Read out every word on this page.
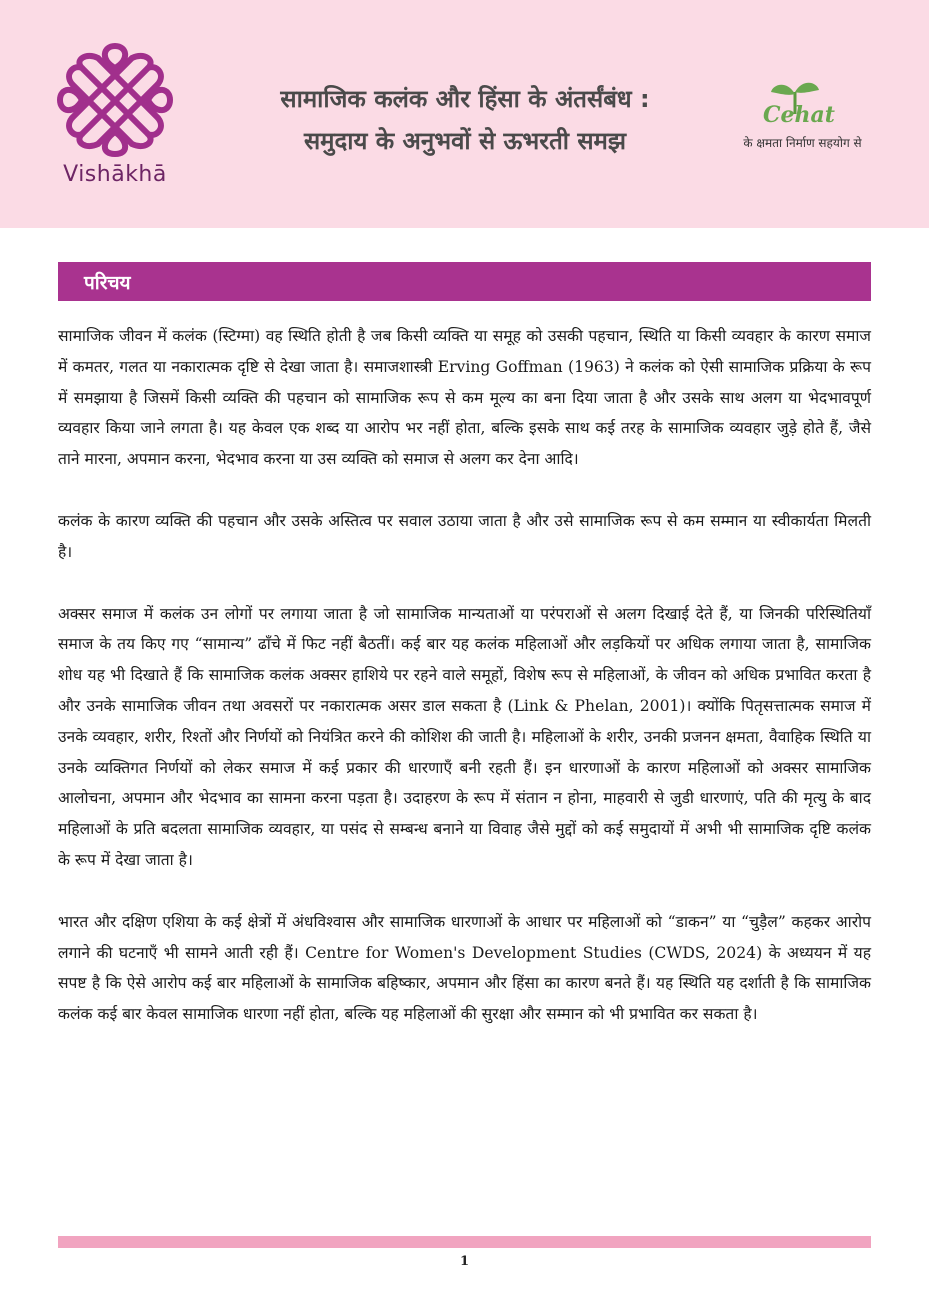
Vishākhā
सामाजिक कलंक और हिंसा के अंतर्संबंध :
समुदाय के अनुभवों से ऊभरती समझ
Cehat
के क्षमता निर्माण सहयोग से
परिचय

सामाजिक जीवन में कलंक (स्टिग्मा) वह स्थिति होती है जब किसी व्यक्ति या समूह को उसकी पहचान, स्थिति या किसी व्यवहार के कारण समाज में कमतर, गलत या नकारात्मक दृष्टि से देखा जाता है। समाजशास्त्री Erving Goffman (1963) ने कलंक को ऐसी सामाजिक प्रक्रिया के रूप में समझाया है जिसमें किसी व्यक्ति की पहचान को सामाजिक रूप से कम मूल्य का बना दिया जाता है और उसके साथ अलग या भेदभावपूर्ण व्यवहार किया जाने लगता है। यह केवल एक शब्द या आरोप भर नहीं होता, बल्कि इसके साथ कई तरह के सामाजिक व्यवहार जुड़े होते हैं, जैसे ताने मारना, अपमान करना, भेदभाव करना या उस व्यक्ति को समाज से अलग कर देना आदि।

कलंक के कारण व्यक्ति की पहचान और उसके अस्तित्व पर सवाल उठाया जाता है और उसे सामाजिक रूप से कम सम्मान या स्वीकार्यता मिलती है।

अक्सर समाज में कलंक उन लोगों पर लगाया जाता है जो सामाजिक मान्यताओं या परंपराओं से अलग दिखाई देते हैं, या जिनकी परिस्थितियाँ समाज के तय किए गए “सामान्य” ढाँचे में फिट नहीं बैठतीं। कई बार यह कलंक महिलाओं और लड़कियों पर अधिक लगाया जाता है, सामाजिक शोध यह भी दिखाते हैं कि सामाजिक कलंक अक्सर हाशिये पर रहने वाले समूहों, विशेष रूप से महिलाओं, के जीवन को अधिक प्रभावित करता है और उनके सामाजिक जीवन तथा अवसरों पर नकारात्मक असर डाल सकता है (Link & Phelan, 2001)। क्योंकि पितृसत्तात्मक समाज में उनके व्यवहार, शरीर, रिश्तों और निर्णयों को नियंत्रित करने की कोशिश की जाती है। महिलाओं के शरीर, उनकी प्रजनन क्षमता, वैवाहिक स्थिति या उनके व्यक्तिगत निर्णयों को लेकर समाज में कई प्रकार की धारणाएँ बनी रहती हैं। इन धारणाओं के कारण महिलाओं को अक्सर सामाजिक आलोचना, अपमान और भेदभाव का सामना करना पड़ता है। उदाहरण के रूप में संतान न होना, माहवारी से जुडी धारणाएं, पति की मृत्यु के बाद महिलाओं के प्रति बदलता सामाजिक व्यवहार, या पसंद से सम्बन्ध बनाने या विवाह जैसे मुद्दों को कई समुदायों में अभी भी सामाजिक दृष्टि कलंक के रूप में देखा जाता है।

भारत और दक्षिण एशिया के कई क्षेत्रों में अंधविश्वास और सामाजिक धारणाओं के आधार पर महिलाओं को “डाकन” या “चुड़ैल” कहकर आरोप लगाने की घटनाएँ भी सामने आती रही हैं। Centre for Women's Development Studies (CWDS, 2024) के अध्ययन में यह सपष्ट है कि ऐसे आरोप कई बार महिलाओं के सामाजिक बहिष्कार, अपमान और हिंसा का कारण बनते हैं। यह स्थिति यह दर्शाती है कि सामाजिक कलंक कई बार केवल सामाजिक धारणा नहीं होता, बल्कि यह महिलाओं की सुरक्षा और सम्मान को भी प्रभावित कर सकता है।

1
